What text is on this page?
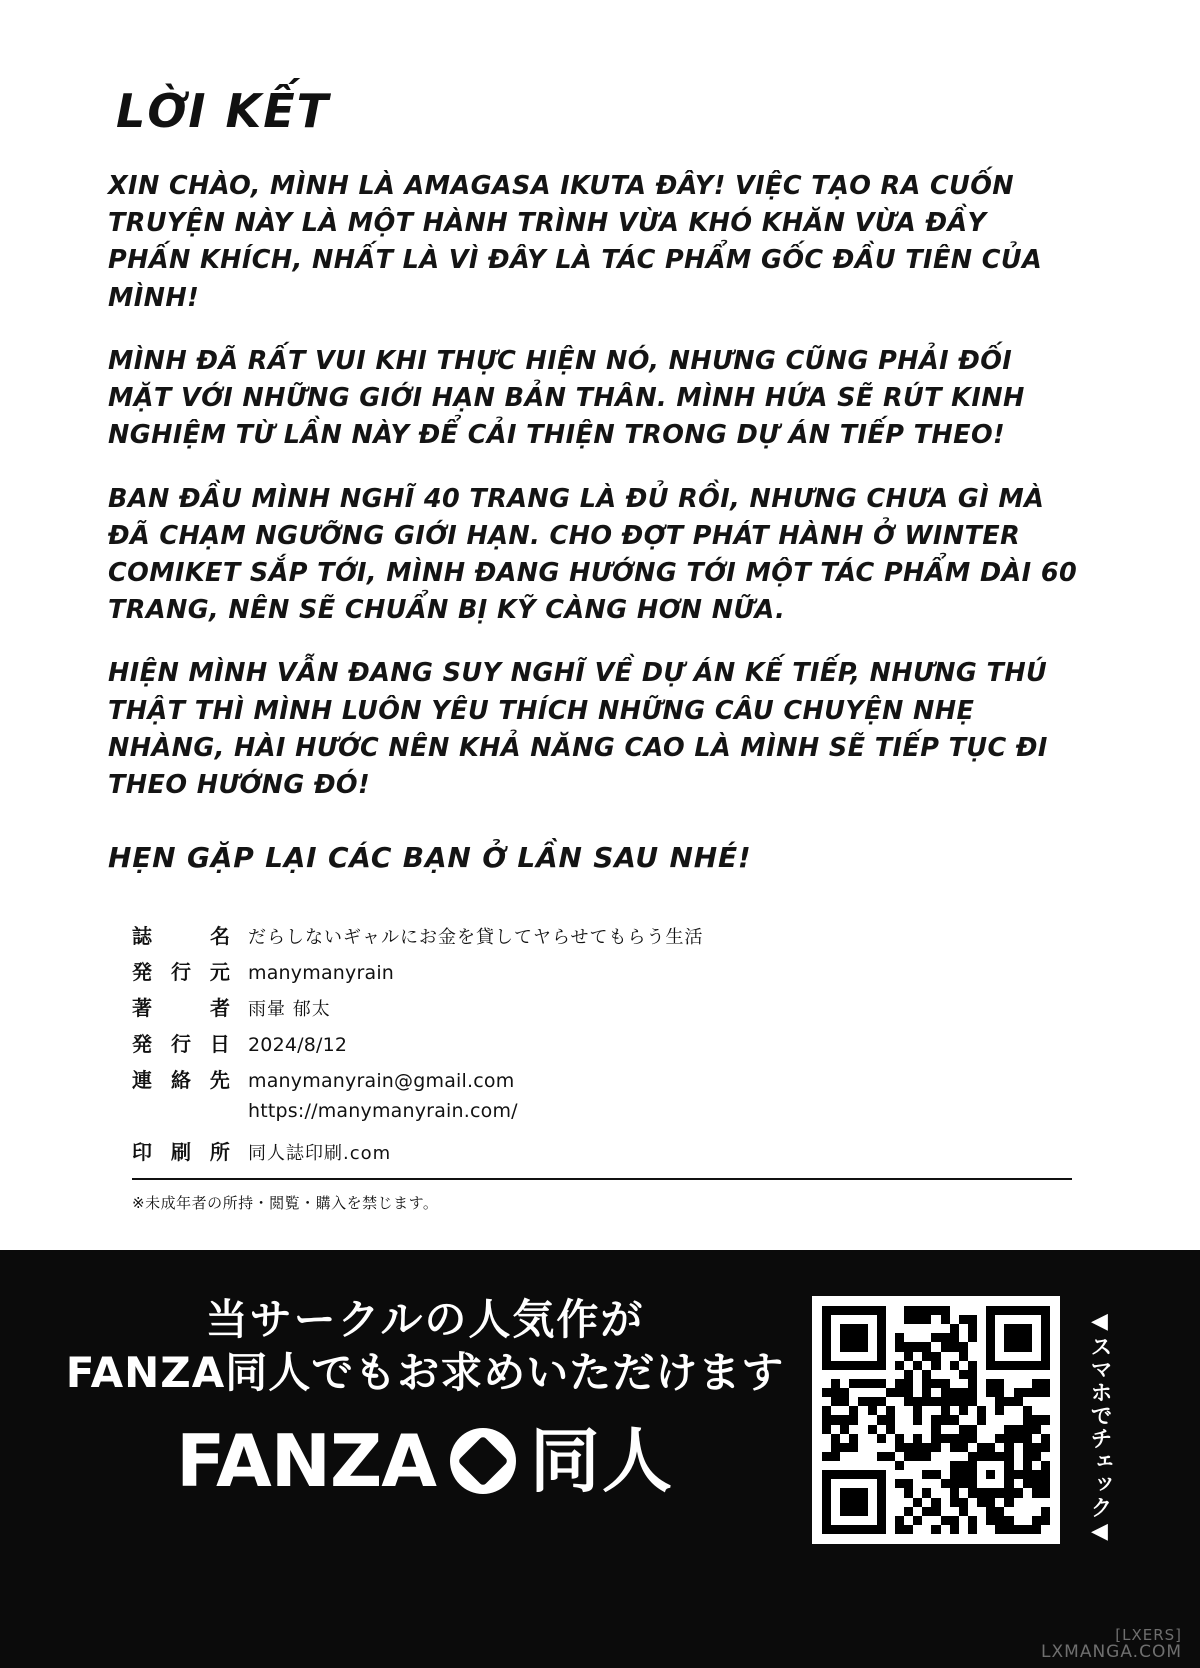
LỜI KẾT

XIN CHÀO, MÌNH LÀ AMAGASA IKUTA ĐÂY! VIỆC TẠO RA CUỐN TRUYỆN NÀY LÀ MỘT HÀNH TRÌNH VỪA KHÓ KHĂN VỪA ĐẦY PHẤN KHÍCH, NHẤT LÀ VÌ ĐÂY LÀ TÁC PHẨM GỐC ĐẦU TIÊN CỦA MÌNH!

MÌNH ĐÃ RẤT VUI KHI THỰC HIỆN NÓ, NHƯNG CŨNG PHẢI ĐỐI MẶT VỚI NHỮNG GIỚI HẠN BẢN THÂN. MÌNH HỨA SẼ RÚT KINH NGHIỆM TỪ LẦN NÀY ĐỂ CẢI THIỆN TRONG DỰ ÁN TIẾP THEO!

BAN ĐẦU MÌNH NGHĨ 40 TRANG LÀ ĐỦ RỒI, NHƯNG CHƯA GÌ MÀ ĐÃ CHẠM NGƯỠNG GIỚI HẠN. CHO ĐỢT PHÁT HÀNH Ở WINTER COMIKET SẮP TỚI, MÌNH ĐANG HƯỚNG TỚI MỘT TÁC PHẨM DÀI 60 TRANG, NÊN SẼ CHUẨN BỊ KỸ CÀNG HƠN NỮA.

HIỆN MÌNH VẪN ĐANG SUY NGHĨ VỀ DỰ ÁN KẾ TIẾP, NHƯNG THÚ THẬT THÌ MÌNH LUÔN YÊU THÍCH NHỮNG CÂU CHUYỆN NHẸ NHÀNG, HÀI HƯỚC NÊN KHẢ NĂNG CAO LÀ MÌNH SẼ TIẾP TỤC ĐI THEO HƯỚNG ĐÓ!

HẸN GẶP LẠI CÁC BẠN Ở LẦN SAU NHÉ!

誌　　名 だらしないギャルにお金を貸してヤらせてもらう生活
発 行 元 manymanyrain
著　　者 雨暈 郁太
発 行 日 2024/8/12
連 絡 先 manymanyrain@gmail.com
https://manymanyrain.com/
印 刷 所 同人誌印刷.com
※未成年者の所持・閲覧・購入を禁じます。

当サークルの人気作が

FANZA同人でもお求めいただけます

FANZA 同人	◀スマホでチェック◀
[LXERS]
LXMANGA.COM
